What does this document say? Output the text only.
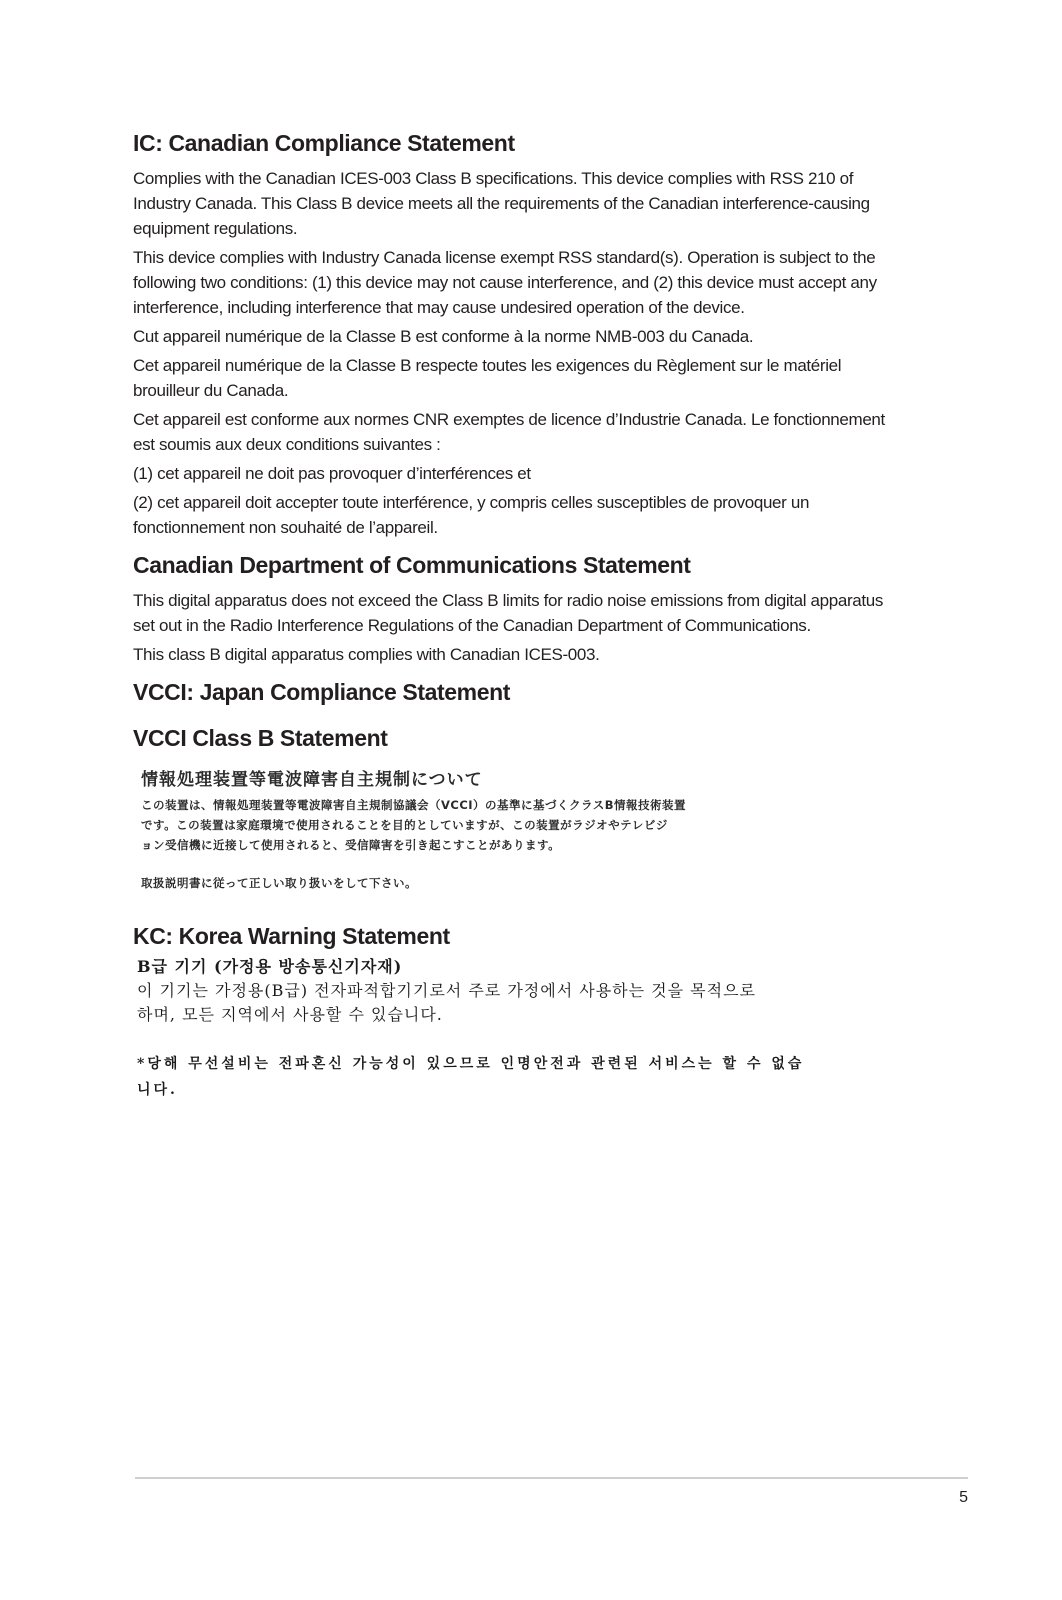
IC: Canadian Compliance Statement

Complies with the Canadian ICES-003 Class B specifications. This device complies with RSS 210 of Industry Canada. This Class B device meets all the requirements of the Canadian interference-causing equipment regulations.

This device complies with Industry Canada license exempt RSS standard(s). Operation is subject to the following two conditions: (1) this device may not cause interference, and (2) this device must accept any interference, including interference that may cause undesired operation of the device.

Cut appareil numérique de la Classe B est conforme à la norme NMB-003 du Canada.

Cet appareil numérique de la Classe B respecte toutes les exigences du Règlement sur le matériel brouilleur du Canada.

Cet appareil est conforme aux normes CNR exemptes de licence d’Industrie Canada. Le fonctionnement est soumis aux deux conditions suivantes :

(1) cet appareil ne doit pas provoquer d’interférences et

(2) cet appareil doit accepter toute interférence, y compris celles susceptibles de provoquer un fonctionnement non souhaité de l’appareil.

Canadian Department of Communications Statement

This digital apparatus does not exceed the Class B limits for radio noise emissions from digital apparatus set out in the Radio Interference Regulations of the Canadian Department of Communications.

This class B digital apparatus complies with Canadian ICES-003.

VCCI: Japan Compliance Statement
VCCI Class B Statement
情報処理装置等電波障害自主規制について
この装置は、情報処理装置等電波障害自主規制協議会（VCCI）の基準に基づくクラスB情報技術装置
です。この装置は家庭環境で使用されることを目的としていますが、この装置がラジオやテレビジ
ョン受信機に近接して使用されると、受信障害を引き起こすことがあります。
取扱説明書に従って正しい取り扱いをして下さい。
KC: Korea Warning Statement
B급 기기 (가정용 방송통신기자재)
이 기기는 가정용(B급) 전자파적합기기로서 주로 가정에서 사용하는 것을 목적으로
하며, 모든 지역에서 사용할 수 있습니다.
*당해 무선설비는 전파혼신 가능성이 있으므로 인명안전과 관련된 서비스는 할 수 없습
니다.
5
